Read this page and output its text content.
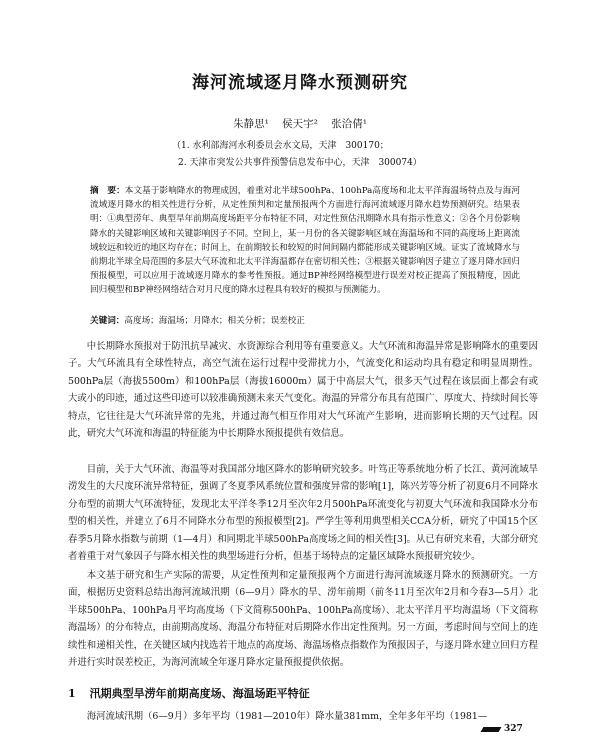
海河流域逐月降水预测研究
朱静思¹ 侯天宇² 张洽倩¹
（1. 水利部海河水利委员会水文局，天津　300170；
2. 天津市突发公共事件预警信息发布中心，天津　300074）

摘　要：本文基于影响降水的物理成因，着重对北半球500hPa、100hPa高度场和北太平洋海温场特点及与海河流域逐月降水的相关性进行分析，从定性预判和定量预报两个方面进行海河流域逐月降水趋势预测研究。结果表明：①典型涝年、典型旱年前期高度场距平分布特征不同，对定性预估汛期降水具有指示性意义；②各个月份影响降水的关键影响区域和关键影响因子不同。空间上，某一月份的各关键影响区域在海温场和不同的高度场上距离流域较远和较近的地区均存在；时间上，在前期较长和较短的时间间隔内都能形成关键影响区域。证实了流域降水与前期北半球全局范围的多层大气环流和北太平洋海温都存在密切相关性；③根据关键影响因子建立了逐月降水回归预报模型，可以应用于流域逐月降水的参考性预报。通过BP神经网络模型进行误差对校正提高了预报精度，因此回归模型和BP神经网络结合对月尺度的降水过程具有较好的模拟与预测能力。

关键词：高度场；海温场；月降水；相关分析；误差校正

中长期降水预报对于防汛抗旱减灾、水资源综合利用等有重要意义。大气环流和海温异常是影响降水的重要因子。大气环流具有全球性特点，高空气流在运行过程中受滞扰力小，气流变化和运动均具有稳定和明显周期性。500hPa层（海拔5500m）和100hPa层（海拔16000m）属于中高层大气，很多天气过程在该层面上都会有或大或小的印迹，通过这些印迹可以较准确预测未来天气变化。海温的异常分布具有范围广、厚度大、持续时间长等特点，它往往是大气环流异常的先兆，并通过海气相互作用对大气环流产生影响，进而影响长期的天气过程。因此，研究大气环流和海温的特征能为中长期降水预报提供有效信息。

目前，关于大气环流、海温等对我国部分地区降水的影响研究较多。叶笃正等系统地分析了长江、黄河流域旱涝发生的大尺度环流异常特征，强调了冬夏季风系统位置和强度异常的影响[1]，陈兴芳等分析了初夏6月不同降水分布型的前期大气环流特征，发现北太平洋冬季12月至次年2月500hPa环流变化与初夏大气环流和我国降水分布型的相关性，并建立了6月不同降水分布型的预报模型[2]。严学生等利用典型相关CCA分析，研究了中国15个区春季5月降水指数与前期（1—4月）和同期北半球500hPa高度场之间的相关性[3]。从已有研究来看，大部分研究者着重于对气象因子与降水相关性的典型场进行分析，但基于场特点的定量区域降水预报研究较少。

本文基于研究和生产实际的需要，从定性预判和定量预报两个方面进行海河流域逐月降水的预测研究。一方面，根据历史资料总结出海河流域汛期（6—9月）降水的旱、涝年前期（前冬11月至次年2月和今春3—5月）北半球500hPa、100hPa月平均高度场（下文简称500hPa、100hPa高度场）、北太平洋月平均海温场（下文简称海温场）的分布特点，由前期高度场、海温分布特征对后期降水作出定性预判。另一方面，考虑时间与空间上的连续性和递相关性，在关键区域内找选若干地点的高度场、海温场格点指数作为预报因子，与逐月降水建立回归方程并进行实时误差校正，为海河流域全年逐月降水定量预报提供依据。

1 汛期典型旱涝年前期高度场、海温场距平特征

海河流域汛期（6—9月）多年平均（1981—2010年）降水量381mm，全年多年平均（1981—

327
